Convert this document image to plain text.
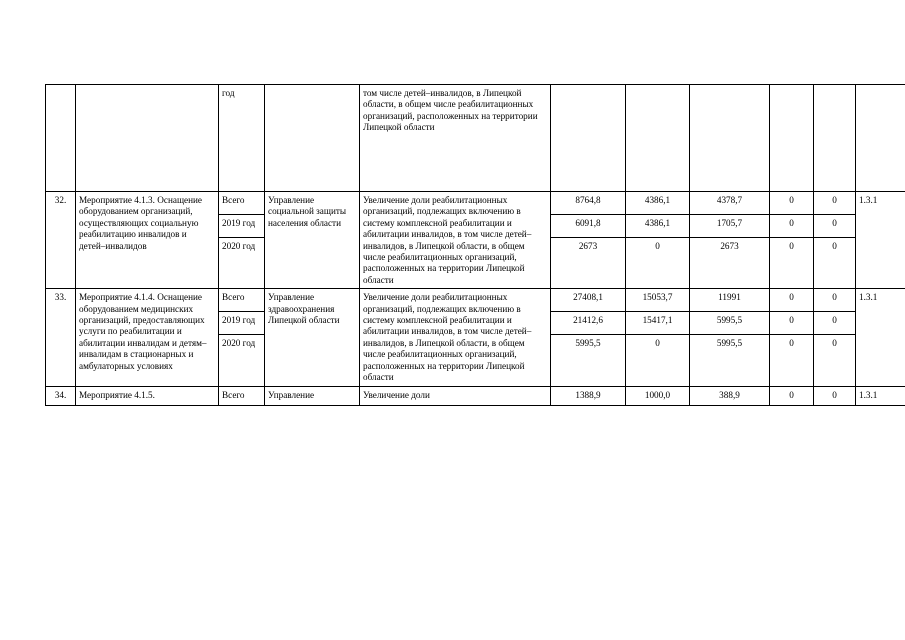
		год		том числе детей–инвалидов, в Липецкой области, в общем числе реабилитационных организаций, расположенных на территории Липецкой области						
32.	Мероприятие 4.1.3. Оснащение оборудованием организаций, осуществляющих социальную реабилитацию инвалидов и детей–инвалидов	Всего	Управление социальной защиты населения области	Увеличение доли реабилитационных организаций, подлежащих включению в систему комплексной реабилитации и абилитации инвалидов, в том числе детей–инвалидов, в Липецкой области, в общем числе реабилитационных организаций, расположенных на территории Липецкой области	8764,8	4386,1	4378,7	0	0	1.3.1
		2019 год			6091,8	4386,1	1705,7	0	0	
		2020 год			2673	0	2673	0	0	
33.	Мероприятие 4.1.4. Оснащение оборудованием медицинских организаций, предоставляющих услуги по реабилитации и абилитации инвалидам и детям–инвалидам в стационарных и амбулаторных условиях	Всего	Управление здравоохранения Липецкой области	Увеличение доли реабилитационных организаций, подлежащих включению в систему комплексной реабилитации и абилитации инвалидов, в том числе детей–инвалидов, в Липецкой области, в общем числе реабилитационных организаций, расположенных на территории Липецкой области	27408,1	15053,7	11991	0	0	1.3.1
		2019 год			21412,6	15417,1	5995,5	0	0	
		2020 год			5995,5	0	5995,5	0	0	
34.	Мероприятие 4.1.5.	Всего	Управление	Увеличение доли	1388,9	1000,0	388,9	0	0	1.3.1
